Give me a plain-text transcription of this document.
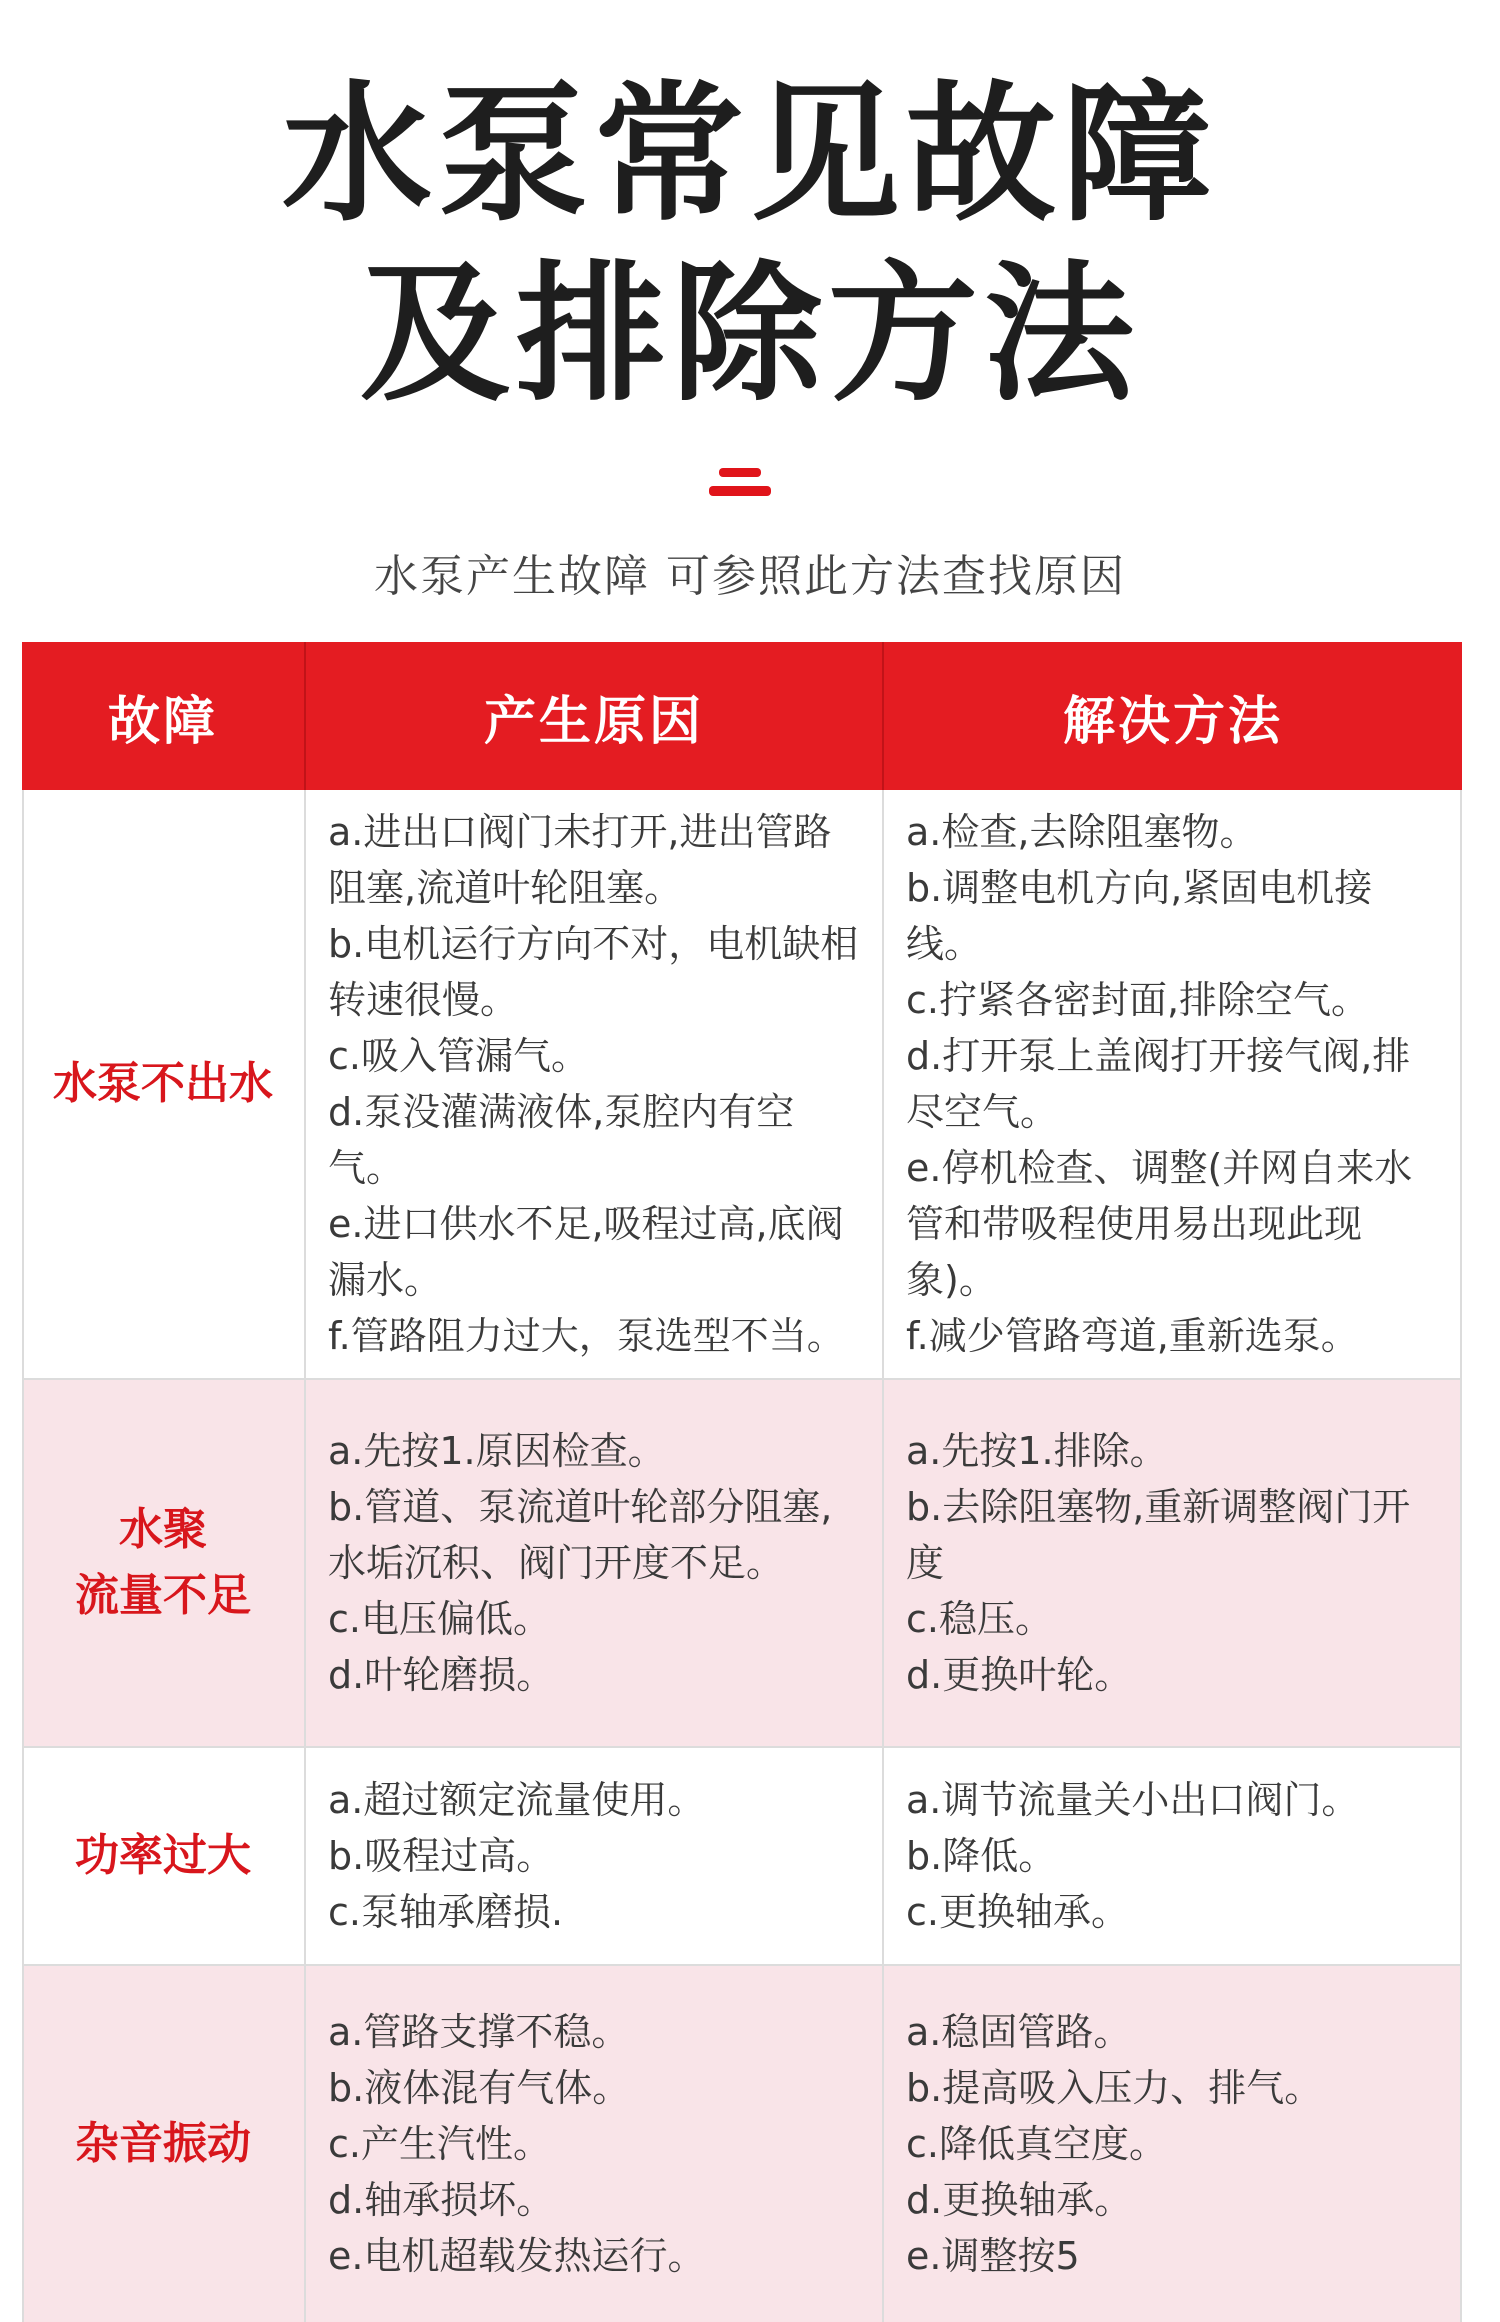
水泵常见故障
及排除方法
水泵产生故障 可参照此方法查找原因
故障	产生原因	解决方法
水泵不出水
a.进出口阀门未打开,进出管路阻塞,流道叶轮阻塞。
b.电机运行方向不对，电机缺相转速很慢。
c.吸入管漏气。
d.泵没灌满液体,泵腔内有空气。
e.进口供水不足,吸程过高,底阀漏水。
f.管路阻力过大，泵选型不当。
a.检查,去除阻塞物。
b.调整电机方向,紧固电机接线。
c.拧紧各密封面,排除空气。
d.打开泵上盖阀打开接气阀,排尽空气。
e.停机检查、调整(并网自来水管和带吸程使用易出现此现象)。
f.减少管路弯道,重新选泵。
水聚
流量不足
a.先按1.原因检查。
b.管道、泵流道叶轮部分阻塞,水垢沉积、阀门开度不足。
c.电压偏低。
d.叶轮磨损。
a.先按1.排除。
b.去除阻塞物,重新调整阀门开度
c.稳压。
d.更换叶轮。
功率过大
a.超过额定流量使用。
b.吸程过高。
c.泵轴承磨损.
a.调节流量关小出口阀门。
b.降低。
c.更换轴承。
杂音振动
a.管路支撑不稳。
b.液体混有气体。
c.产生汽性。
d.轴承损坏。
e.电机超载发热运行。
a.稳固管路。
b.提高吸入压力、排气。
c.降低真空度。
d.更换轴承。
e.调整按5
